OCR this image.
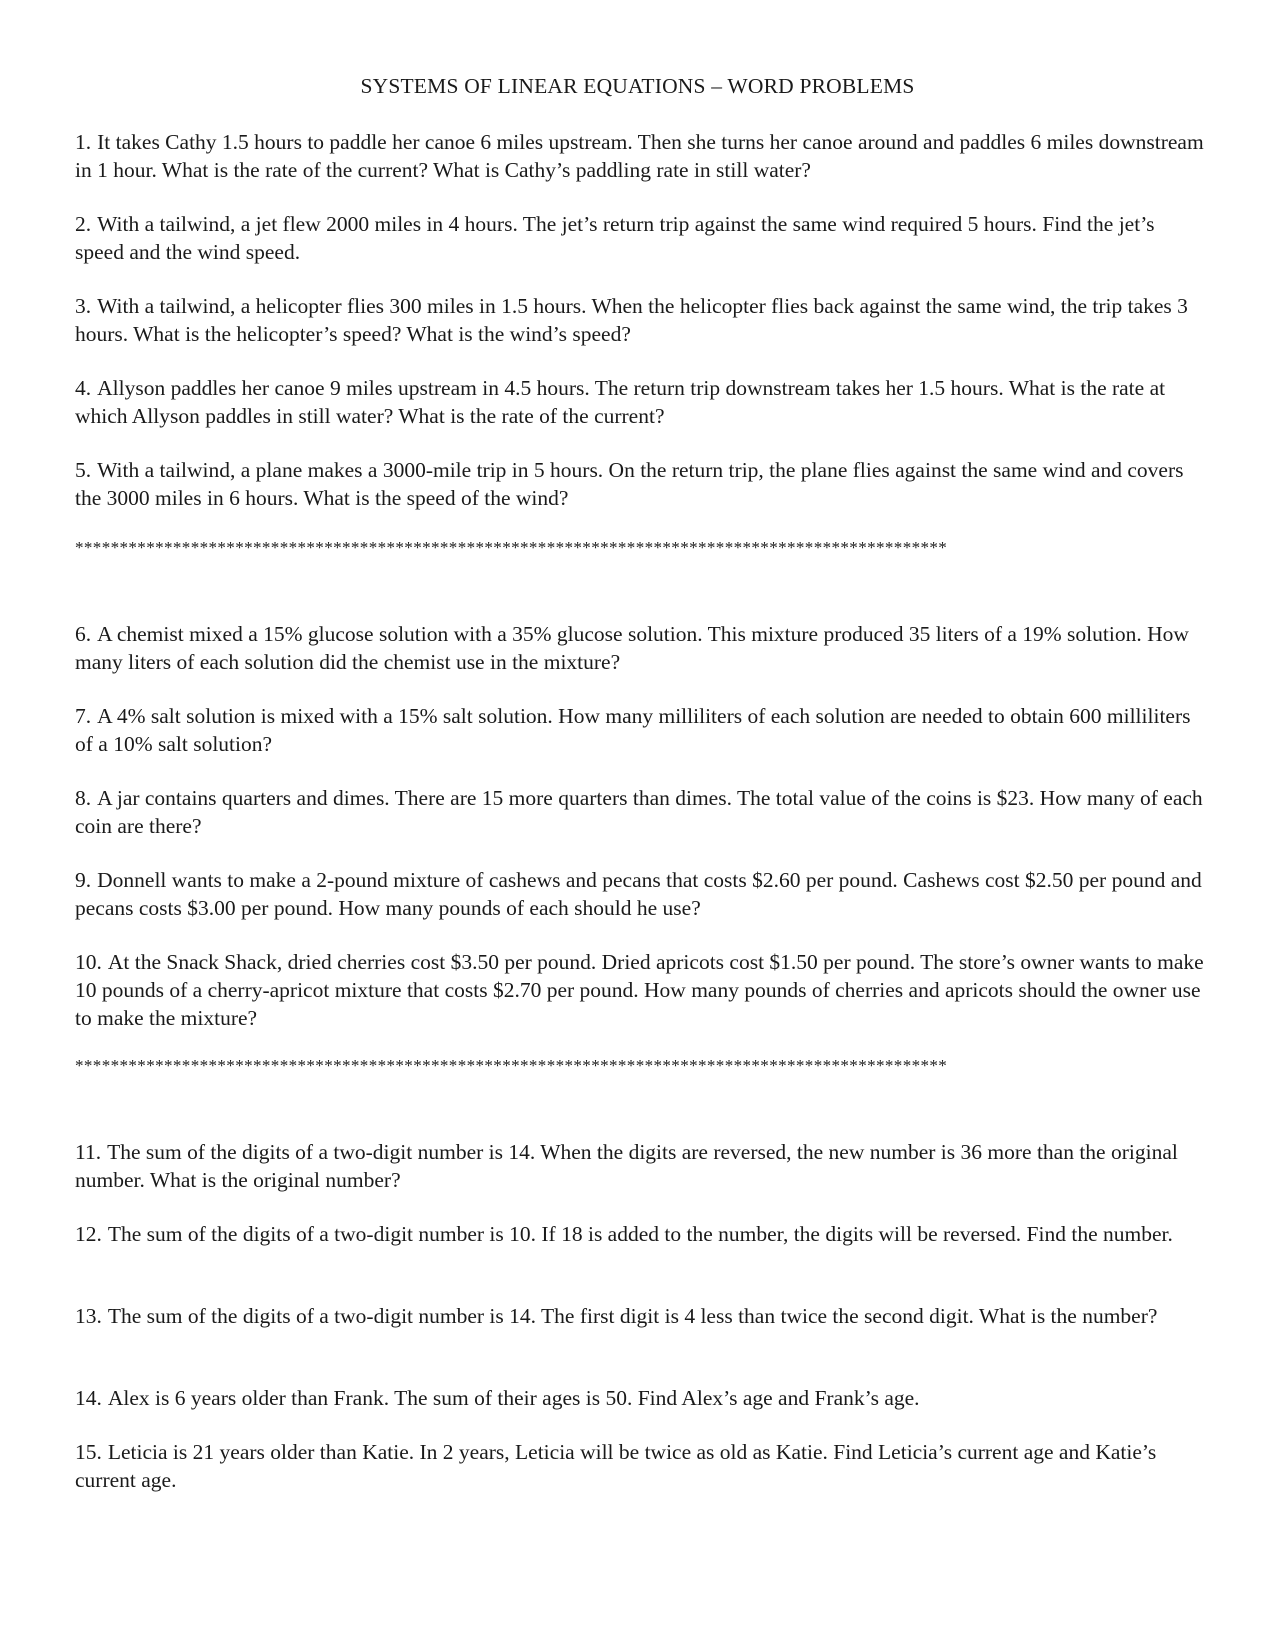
SYSTEMS OF LINEAR EQUATIONS – WORD PROBLEMS
1. It takes Cathy 1.5 hours to paddle her canoe 6 miles upstream. Then she turns her canoe around and paddles 6 miles downstream in 1 hour. What is the rate of the current? What is Cathy’s paddling rate in still water?
2. With a tailwind, a jet flew 2000 miles in 4 hours. The jet’s return trip against the same wind required 5 hours. Find the jet’s speed and the wind speed.
3. With a tailwind, a helicopter flies 300 miles in 1.5 hours. When the helicopter flies back against the same wind, the trip takes 3 hours. What is the helicopter’s speed? What is the wind’s speed?
4. Allyson paddles her canoe 9 miles upstream in 4.5 hours. The return trip downstream takes her 1.5 hours. What is the rate at which Allyson paddles in still water? What is the rate of the current?
5. With a tailwind, a plane makes a 3000-mile trip in 5 hours. On the return trip, the plane flies against the same wind and covers the 3000 miles in 6 hours. What is the speed of the wind?
**************************************************************************************************
6. A chemist mixed a 15% glucose solution with a 35% glucose solution. This mixture produced 35 liters of a 19% solution. How many liters of each solution did the chemist use in the mixture?
7. A 4% salt solution is mixed with a 15% salt solution. How many milliliters of each solution are needed to obtain 600 milliliters of a 10% salt solution?
8. A jar contains quarters and dimes. There are 15 more quarters than dimes. The total value of the coins is $23. How many of each coin are there?
9. Donnell wants to make a 2-pound mixture of cashews and pecans that costs $2.60 per pound. Cashews cost $2.50 per pound and pecans costs $3.00 per pound. How many pounds of each should he use?
10. At the Snack Shack, dried cherries cost $3.50 per pound. Dried apricots cost $1.50 per pound. The store’s owner wants to make 10 pounds of a cherry-apricot mixture that costs $2.70 per pound. How many pounds of cherries and apricots should the owner use to make the mixture?
**************************************************************************************************
11. The sum of the digits of a two-digit number is 14. When the digits are reversed, the new number is 36 more than the original number. What is the original number?
12. The sum of the digits of a two-digit number is 10. If 18 is added to the number, the digits will be reversed. Find the number.
13. The sum of the digits of a two-digit number is 14. The first digit is 4 less than twice the second digit. What is the number?
14. Alex is 6 years older than Frank. The sum of their ages is 50. Find Alex’s age and Frank’s age.
15. Leticia is 21 years older than Katie. In 2 years, Leticia will be twice as old as Katie. Find Leticia’s current age and Katie’s current age.
